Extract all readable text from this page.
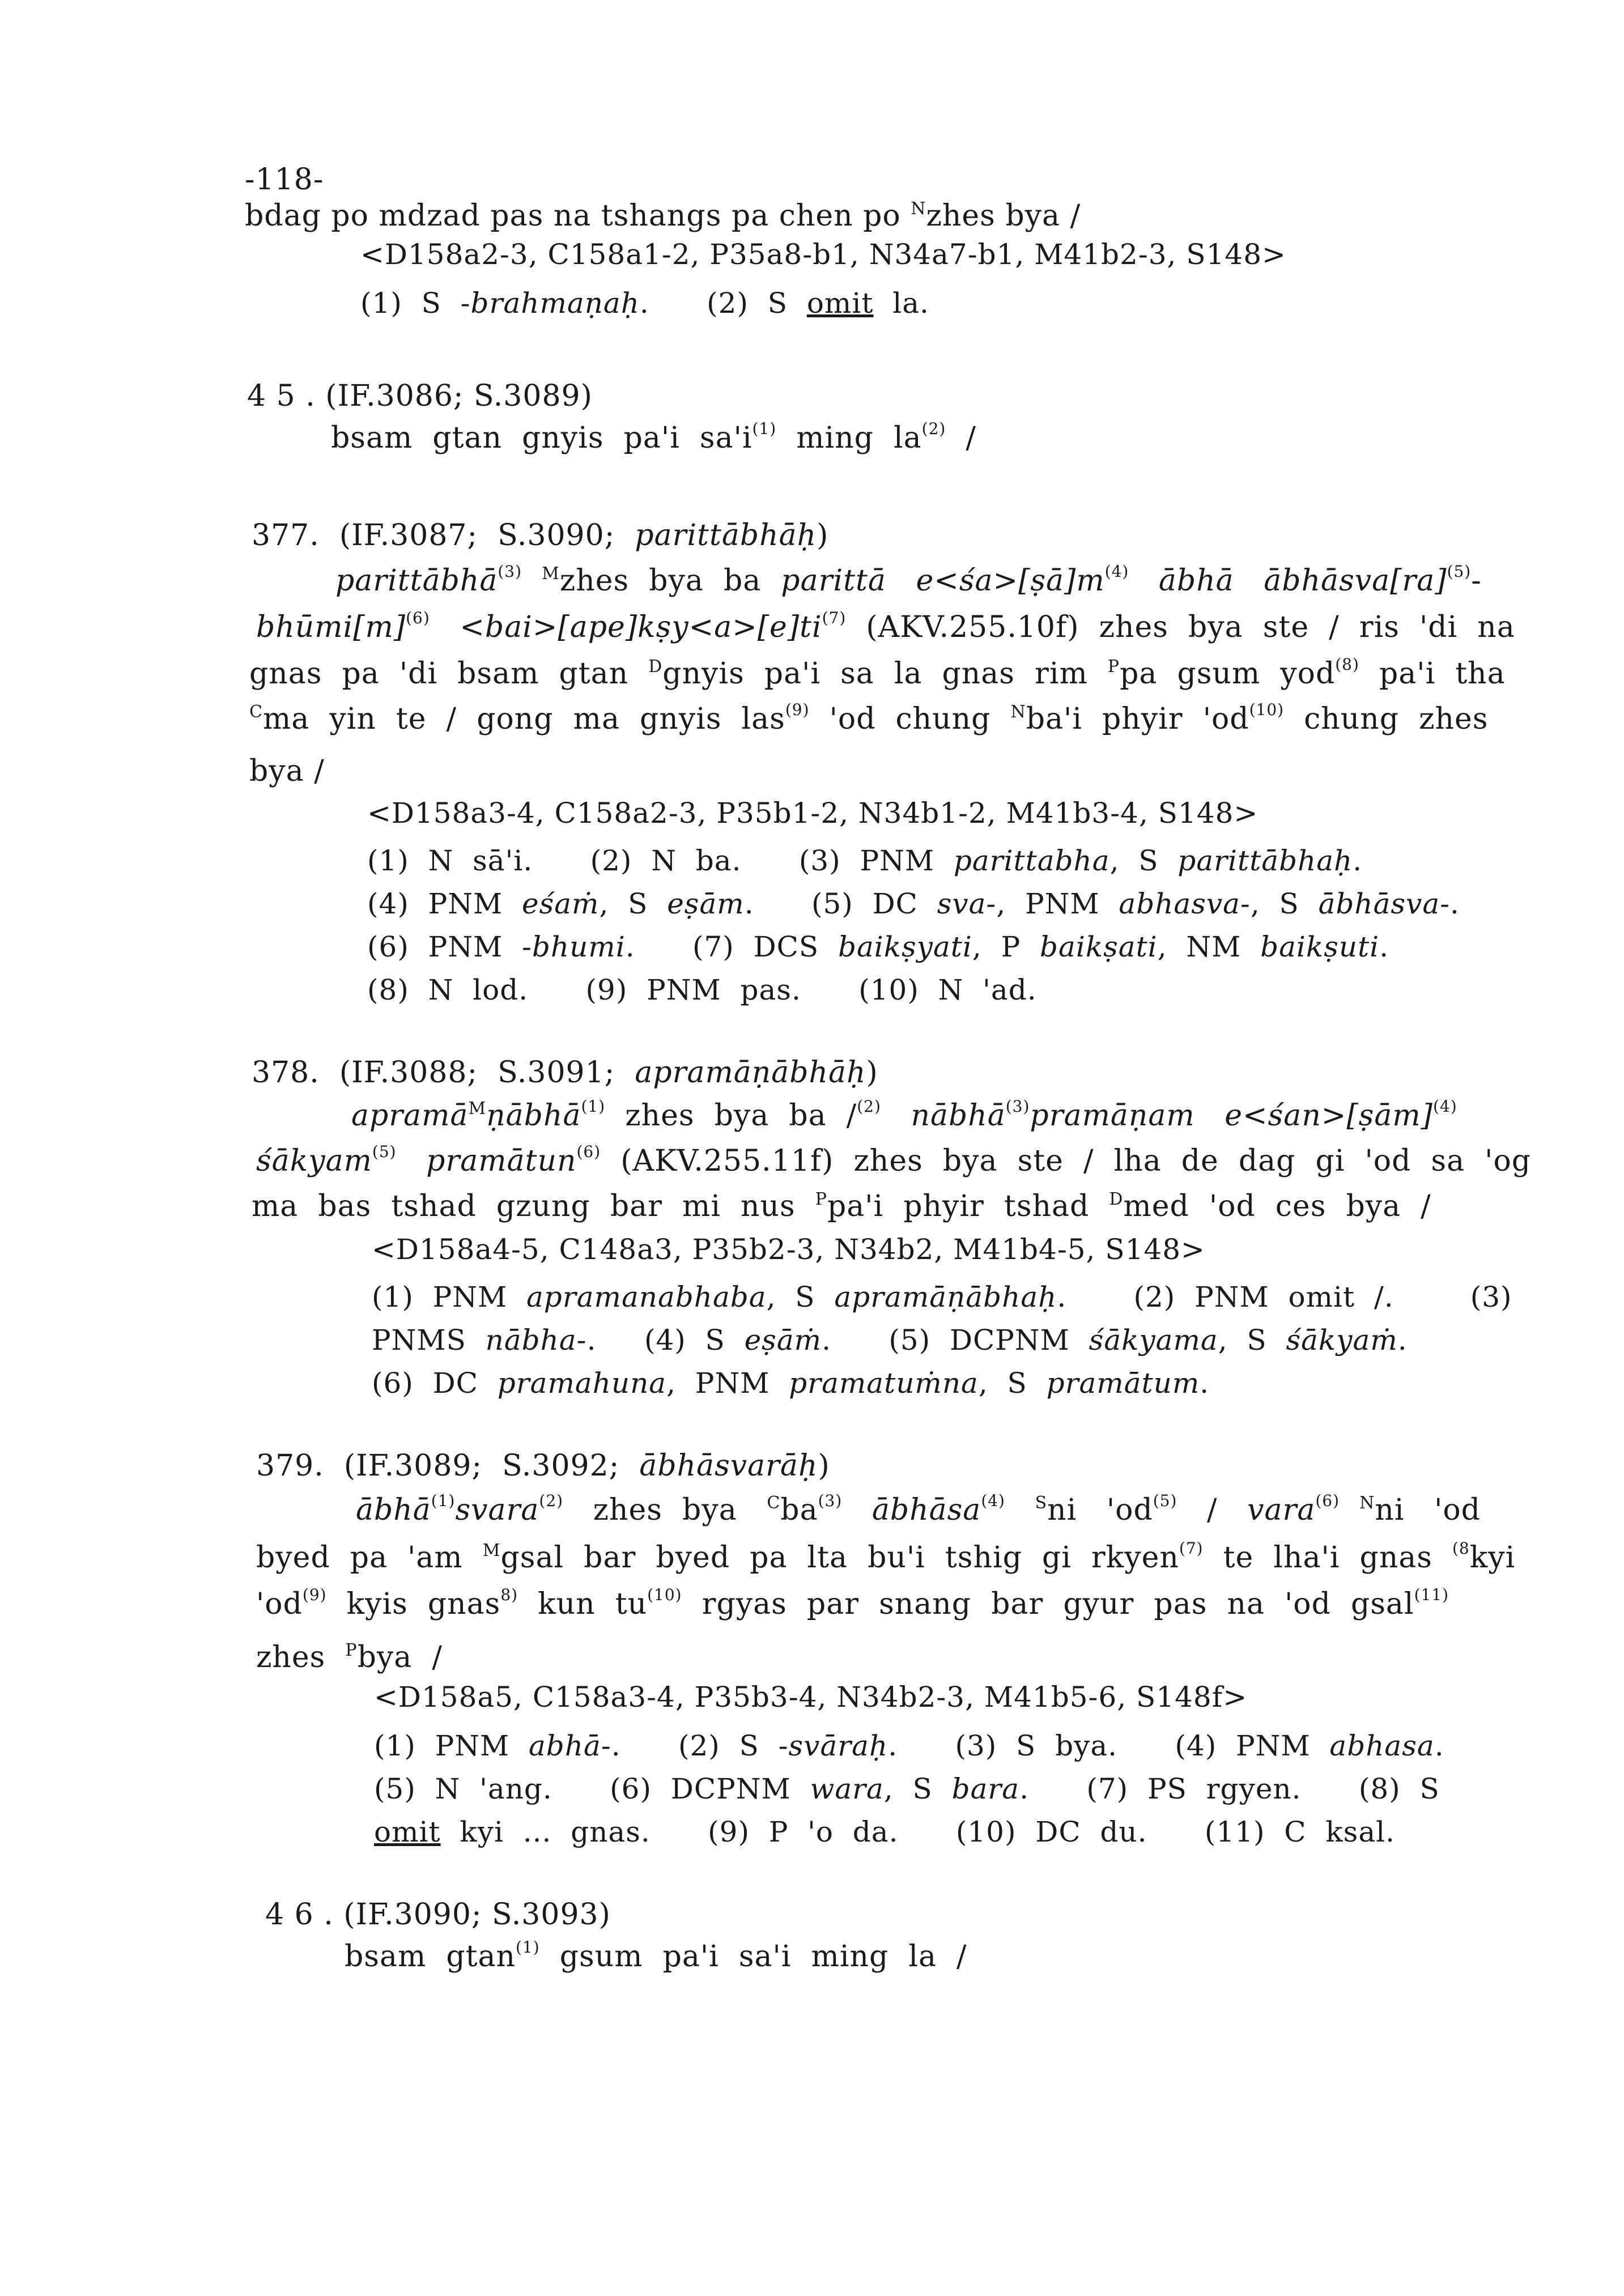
-118-
bdag po mdzad pas na tshangs pa chen po $^N$zhes bya /
<D158a2-3, C158a1-2, P35a8-b1, N34a7-b1, M41b2-3, S148>
(1)  S  -brahmaṇaḥ.      (2)  S  omit  la.
4 5 . (IF.3086; S.3089)
bsam  gtan  gnyis  pa'i  $sa'i^{(1)}$  ming  $la^{(2)}$  /
377.  (IF.3087;  S.3090;  parittābhāḥ)
parittābhā$^{(3)}$ $^M$zhes  bya  ba  parittā $e<śa>[ṣā]m^{(4)}$ ābhā ābhāsva[ra]$^{(5)}$-
$bhūmi[m]^{(6)}$ $<bai>[ape]kṣy<a>[e]ti^{(7)}$  (AKV.255.10f)  zhes  bya  ste  /  ris  'di  na
gnas  pa  'di  bsam  gtan  $^D$gnyis  pa'i  sa  la  gnas  rim  $^P$pa  gsum  yod$^{(8)}$  pa'i  tha
$^C$ma  yin  te  /  gong  ma  gnyis  las$^{(9)}$  'od  chung  $^N$ba'i  phyir  '$od^{(10)}$  chung  zhes
bya /
<D158a3-4, C158a2-3, P35b1-2, N34b1-2, M41b3-4, S148>
(1)  N  sā'i.      (2)  N  ba.      (3)  PNM  parittabha,  S  parittābhaḥ.
(4)  PNM  eśaṁ,  S  eṣām.      (5)  DC  sva-,  PNM  abhasva-,  S  ābhāsva-.
(6)  PNM  -bhumi.      (7)  DCS  baikṣyati,  P  baikṣati,  NM  baikṣuti.
(8)  N  lod.      (9)  PNM  pas.      (10)  N  'ad.
378.  (IF.3088;  S.3091;  apramāṇābhāḥ)
apramā$^M$ṇābhā$^{(1)}$  zhes  bya  ba  /$^{(2)}$ nābhā$^{(3)}$pramāṇam e<śan>[ṣām]$^{(4)}$
śākyam$^{(5)}$ pramātun$^{(6)}$  (AKV.255.11f)  zhes  bya  ste  /  lha  de  dag  gi  'od  sa  'og
ma  bas  tshad  gzung  bar  mi  nus  $^P$pa'i  phyir  tshad  $^D$med  'od  ces  bya  /
<D158a4-5, C148a3, P35b2-3, N34b2, M41b4-5, S148>
(1)  PNM  apramanabhaba,  S  apramāṇābhaḥ.       (2)  PNM  omit  /.        (3)
PNMS  nābha-.     (4)  S  eṣāṁ.      (5)  DCPNM  śākyama,  S  śākyaṁ.
(6)  DC  pramahuna,  PNM  pramatuṁna,  S  pramātum.
379.  (IF.3089;  S.3092;  ābhāsvarāḥ)
ābhā$^{(1)}$svara$^{(2)}$   zhes  bya   $^Cba^{(3)}$ ābhāsa$^{(4)}$ $^S$ni   '$od^{(5)}$   /   vara$^{(6)}$ $^N$ni   'od
byed  pa  'am  $^M$gsal  bar  byed  pa  lta  bu'i  tshig  gi  rkyen$^{(7)}$  te  lha'i  gnas  $^{(8}$kyi
'$od^{(9)}$  kyis  gnas$^{8)}$  kun  $tu^{(10)}$  rgyas  par  snang  bar  gyur  pas  na  'od  gsal$^{(11)}$
zhes  $^P$bya  /
<D158a5, C158a3-4, P35b3-4, N34b2-3, M41b5-6, S148f>
(1)  PNM  abhā-.      (2)  S  -svāraḥ.      (3)  S  bya.      (4)  PNM  abhasa.
(5)  N  'ang.      (6)  DCPNM  wara,  S  bara.      (7)  PS  rgyen.      (8)  S
omit  kyi  ...  gnas.      (9)  P  'o  da.      (10)  DC  du.      (11)  C  ksal.
4 6 . (IF.3090; S.3093)
bsam  gtan$^{(1)}$  gsum  pa'i  sa'i  ming  la  /
